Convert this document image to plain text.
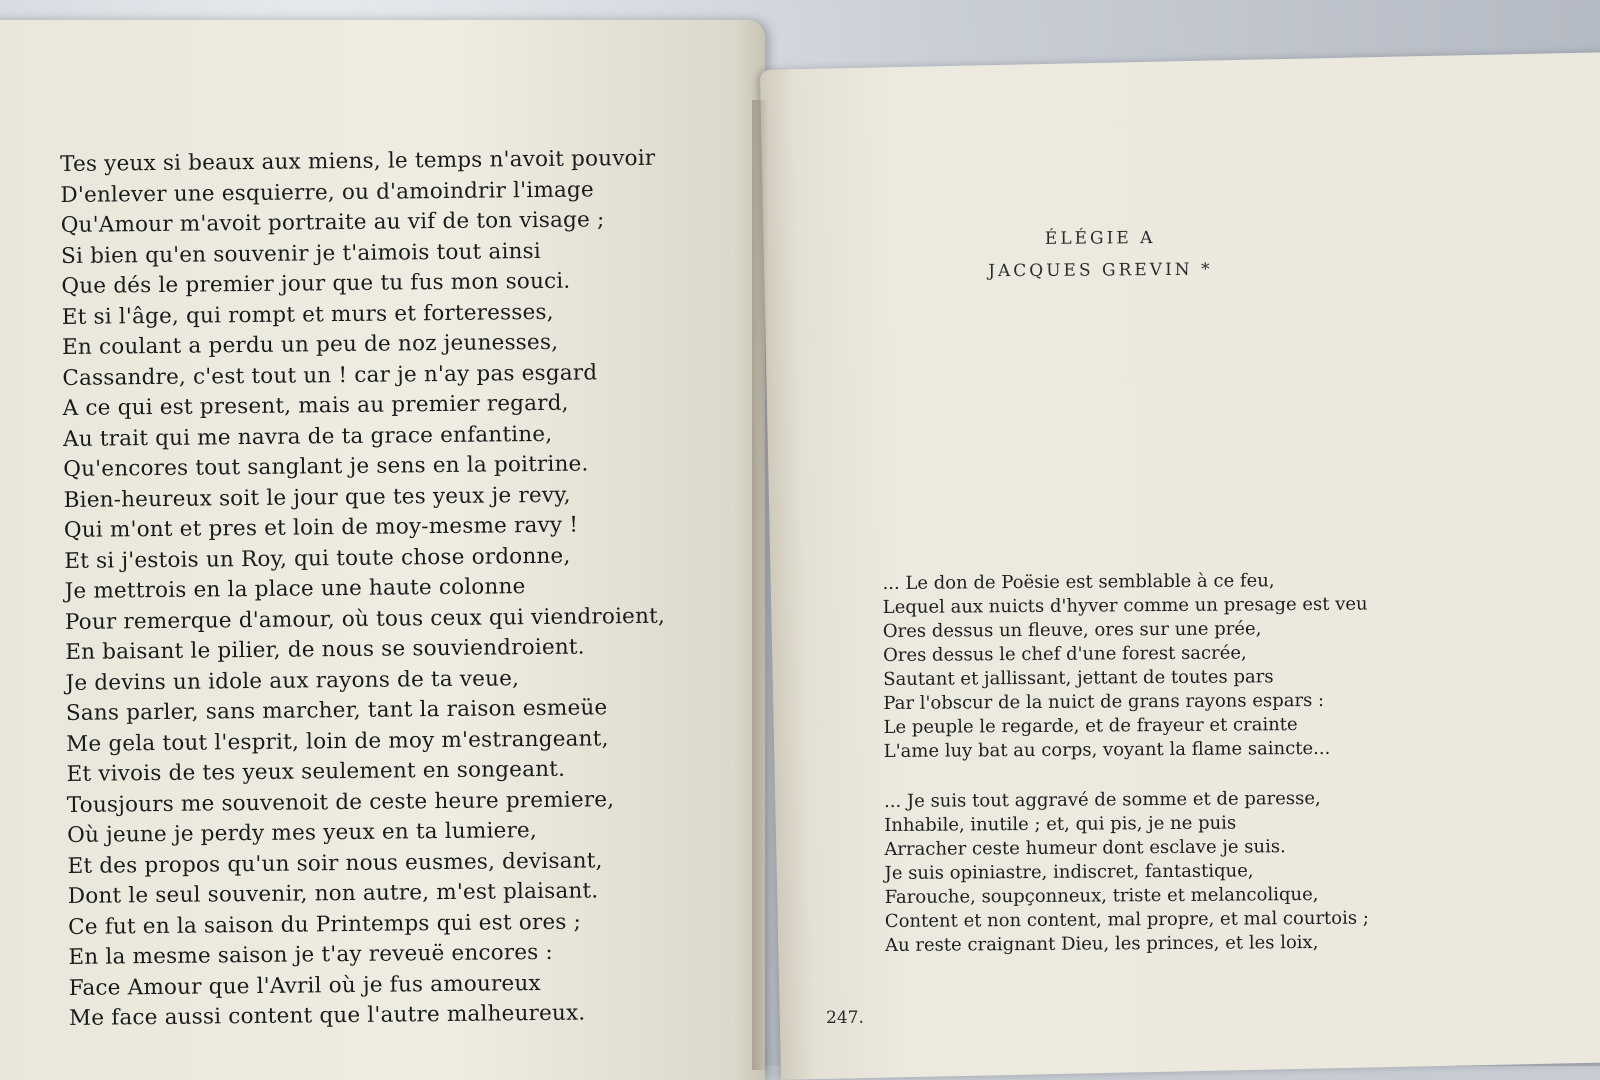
Tes yeux si beaux aux miens, le temps n'avoit pouvoir
D'enlever une esquierre, ou d'amoindrir l'image
Qu'Amour m'avoit portraite au vif de ton visage ;
Si bien qu'en souvenir je t'aimois tout ainsi
Que dés le premier jour que tu fus mon souci.
Et si l'âge, qui rompt et murs et forteresses,
En coulant a perdu un peu de noz jeunesses,
Cassandre, c'est tout un ! car je n'ay pas esgard
A ce qui est present, mais au premier regard,
Au trait qui me navra de ta grace enfantine,
Qu'encores tout sanglant je sens en la poitrine.
Bien-heureux soit le jour que tes yeux je revy,
Qui m'ont et pres et loin de moy-mesme ravy !
Et si j'estois un Roy, qui toute chose ordonne,
Je mettrois en la place une haute colonne
Pour remerque d'amour, où tous ceux qui viendroient,
En baisant le pilier, de nous se souviendroient.
Je devins un idole aux rayons de ta veue,
Sans parler, sans marcher, tant la raison esmeüe
Me gela tout l'esprit, loin de moy m'estrangeant,
Et vivois de tes yeux seulement en songeant.
Tousjours me souvenoit de ceste heure premiere,
Où jeune je perdy mes yeux en ta lumiere,
Et des propos qu'un soir nous eusmes, devisant,
Dont le seul souvenir, non autre, m'est plaisant.
Ce fut en la saison du Printemps qui est ores ;
En la mesme saison je t'ay reveuë encores :
Face Amour que l'Avril où je fus amoureux
Me face aussi content que l'autre malheureux.
ÉLÉGIE A
JACQUES GREVIN *
... Le don de Poësie est semblable à ce feu,
Lequel aux nuicts d'hyver comme un presage est veu
Ores dessus un fleuve, ores sur une prée,
Ores dessus le chef d'une forest sacrée,
Sautant et jallissant, jettant de toutes pars
Par l'obscur de la nuict de grans rayons espars :
Le peuple le regarde, et de frayeur et crainte
L'ame luy bat au corps, voyant la flame saincte...
... Je suis tout aggravé de somme et de paresse,
Inhabile, inutile ; et, qui pis, je ne puis
Arracher ceste humeur dont esclave je suis.
Je suis opiniastre, indiscret, fantastique,
Farouche, soupçonneux, triste et melancolique,
Content et non content, mal propre, et mal courtois ;
Au reste craignant Dieu, les princes, et les loix,
247.
